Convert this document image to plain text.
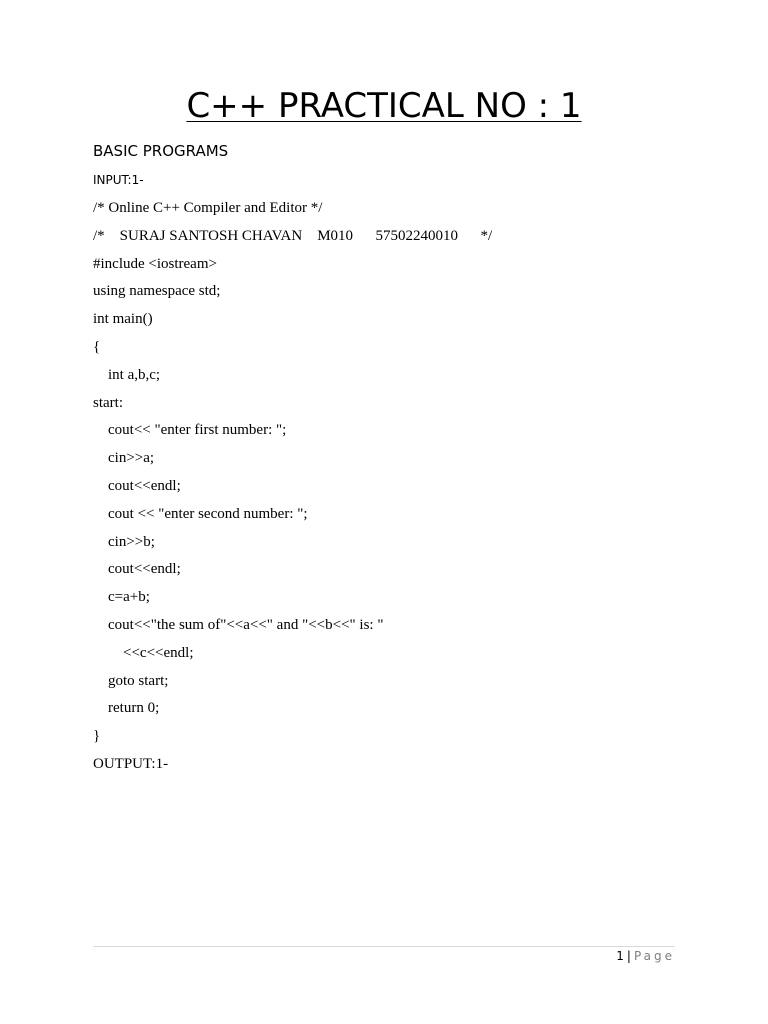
C++ PRACTICAL NO : 1
BASIC PROGRAMS
INPUT:1-
/* Online C++ Compiler and Editor */
/*    SURAJ SANTOSH CHAVAN    M010      57502240010      */
#include <iostream>
using namespace std;
int main()
{
int a,b,c;
start:
cout<< "enter first number: ";
cin>>a;
cout<<endl;
cout << "enter second number: ";
cin>>b;
cout<<endl;
c=a+b;
cout<<"the sum of"<<a<<" and "<<b<<" is: "
<<c<<endl;
goto start;
return 0;
}
OUTPUT:1-
1 | Page
